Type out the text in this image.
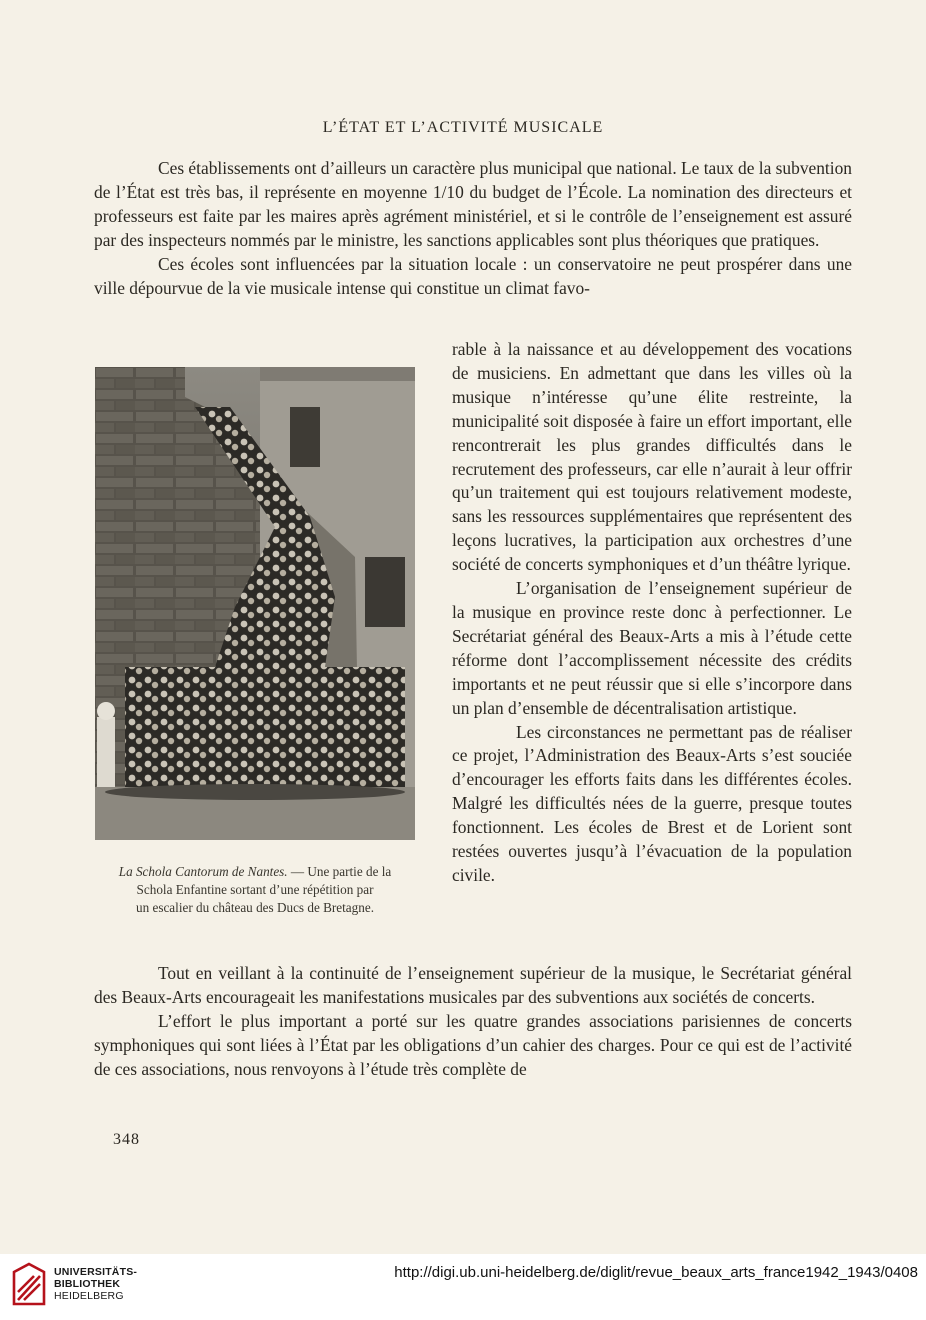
L’ÉTAT ET L’ACTIVITÉ MUSICALE

Ces établissements ont d’ailleurs un caractère plus municipal que national. Le taux de la subvention de l’État est très bas, il représente en moyenne 1/10 du budget de l’École. La nomination des directeurs et professeurs est faite par les maires après agrément ministériel, et si le contrôle de l’enseignement est assuré par des inspecteurs nommés par le ministre, les sanctions applicables sont plus théoriques que pratiques.

Ces écoles sont influencées par la situation locale : un conservatoire ne peut prospérer dans une ville dépourvue de la vie musicale intense qui constitue un climat favo-

La Schola Cantorum de Nantes. — Une partie de la
Schola Enfantine sortant d’une répétition par
un escalier du château des Ducs de Bretagne.

rable à la naissance et au développement des vocations de musiciens. En admettant que dans les villes où la musique n’intéresse qu’une élite restreinte, la municipalité soit disposée à faire un effort important, elle rencontrerait les plus grandes difficultés dans le recrutement des professeurs, car elle n’aurait à leur offrir qu’un traitement qui est toujours relativement modeste, sans les ressources supplémentaires que représentent des leçons lucratives, la participation aux orchestres d’une société de concerts symphoniques et d’un théâtre lyrique.

L’organisation de l’enseignement supérieur de la musique en province reste donc à perfectionner. Le Secrétariat général des Beaux-Arts a mis à l’étude cette réforme dont l’accomplissement nécessite des crédits importants et ne peut réussir que si elle s’incorpore dans un plan d’ensemble de décentralisation artistique.

Les circonstances ne permettant pas de réaliser ce projet, l’Administration des Beaux-Arts s’est souciée d’encourager les efforts faits dans les différentes écoles. Malgré les difficultés nées de la guerre, presque toutes fonctionnent. Les écoles de Brest et de Lorient sont restées ouvertes jusqu’à l’évacuation de la population civile.

Tout en veillant à la continuité de l’enseignement supérieur de la musique, le Secrétariat général des Beaux-Arts encourageait les manifestations musicales par des subventions aux sociétés de concerts.

L’effort le plus important a porté sur les quatre grandes associations parisiennes de concerts symphoniques qui sont liées à l’État par les obligations d’un cahier des charges. Pour ce qui est de l’activité de ces associations, nous renvoyons à l’étude très complète de

348
UNIVERSITÄTS-
BIBLIOTHEK
HEIDELBERG
http://digi.ub.uni-heidelberg.de/diglit/revue_beaux_arts_france1942_1943/0408
